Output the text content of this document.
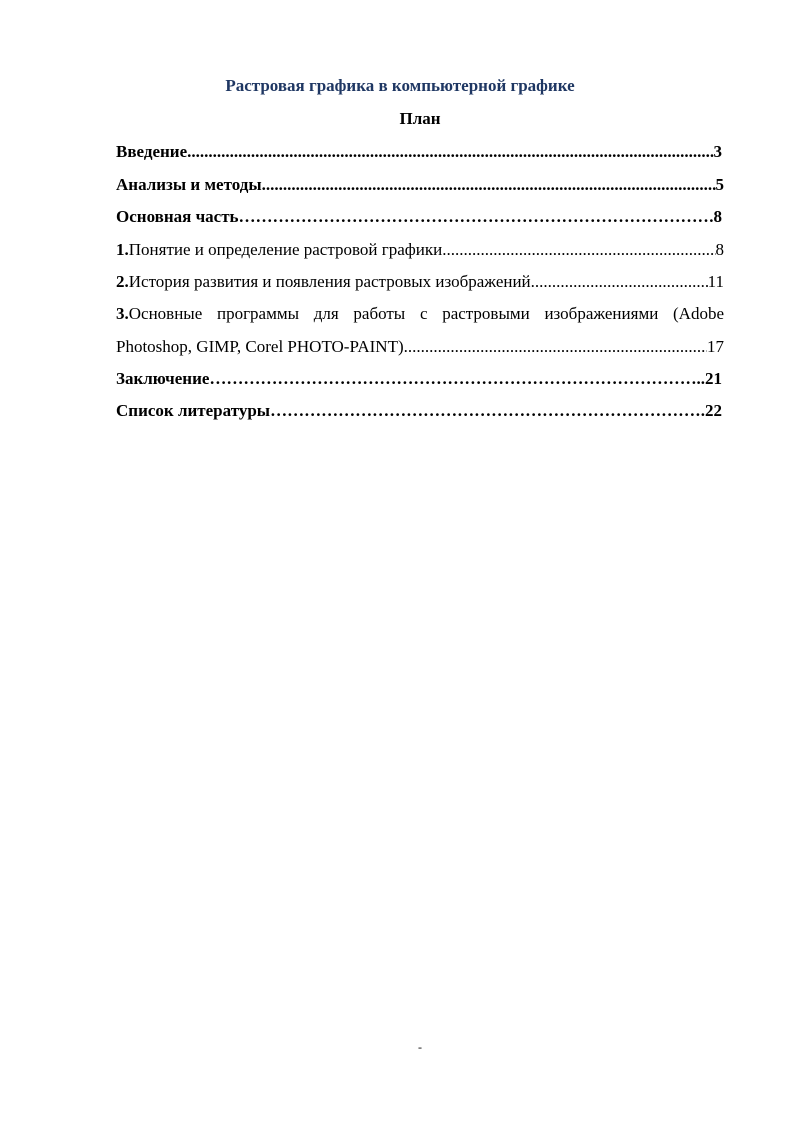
Растровая графика в компьютерной графике
План
Введение .....	3
Анализы и методы .....	5
Основная часть ……………………………………………………………………………………………………………………………………………………………………………	.8
1. Понятие и определение растровой графики .....	8
2. История развития и появления растровых изображений .....	11
3.Основные программы для работы с растровыми изображениями (Adobe
Photoshop, GIMP, Corel PHOTO-PAINT) .....	17
Заключение ……………………………………………………………………………………………………………………………………………………………………………	..21
Список литературы ……………………………………………………………………………………………………………………………………………………………………………	.22
-
